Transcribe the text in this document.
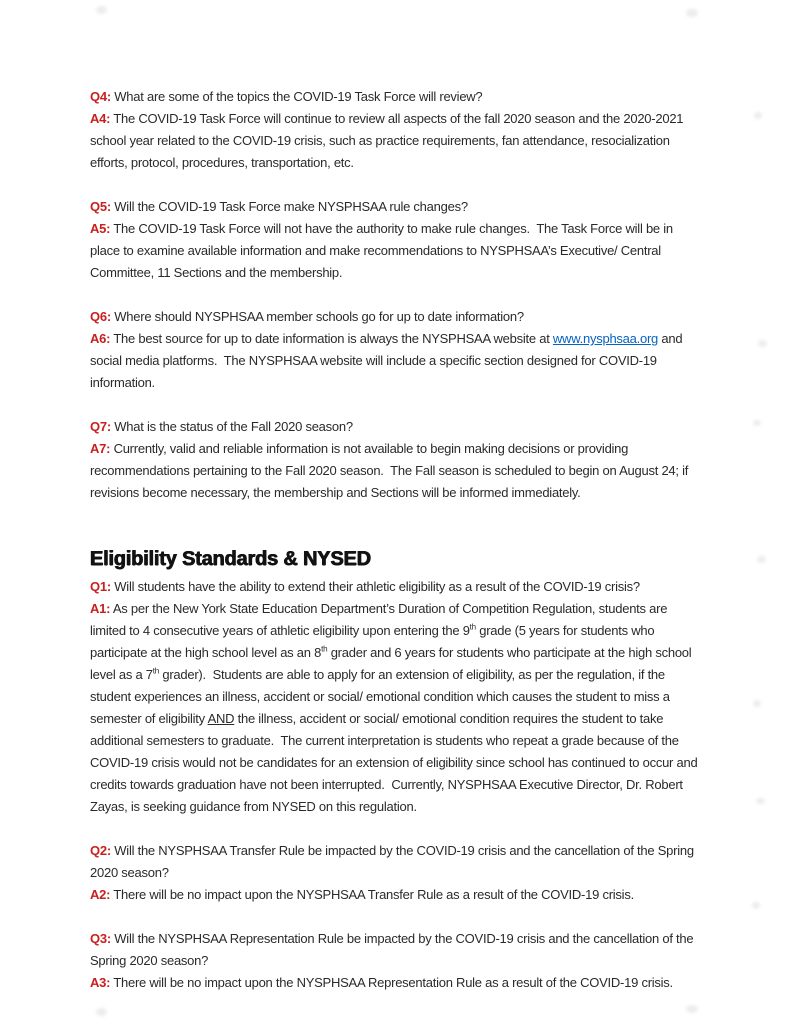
Q4: What are some of the topics the COVID-19 Task Force will review?

A4: The COVID-19 Task Force will continue to review all aspects of the fall 2020 season and the 2020-2021 school year related to the COVID-19 crisis, such as practice requirements, fan attendance, resocialization efforts, protocol, procedures, transportation, etc.

Q5: Will the COVID-19 Task Force make NYSPHSAA rule changes?

A5: The COVID-19 Task Force will not have the authority to make rule changes.  The Task Force will be in place to examine available information and make recommendations to NYSPHSAA’s Executive/ Central Committee, 11 Sections and the membership.

Q6: Where should NYSPHSAA member schools go for up to date information?

A6: The best source for up to date information is always the NYSPHSAA website at www.nysphsaa.org and social media platforms.  The NYSPHSAA website will include a specific section designed for COVID-19 information.

Q7: What is the status of the Fall 2020 season?

A7: Currently, valid and reliable information is not available to begin making decisions or providing recommendations pertaining to the Fall 2020 season.  The Fall season is scheduled to begin on August 24; if revisions become necessary, the membership and Sections will be informed immediately.

Eligibility Standards & NYSED

Q1: Will students have the ability to extend their athletic eligibility as a result of the COVID-19 crisis?

A1: As per the New York State Education Department’s Duration of Competition Regulation, students are limited to 4 consecutive years of athletic eligibility upon entering the 9th grade (5 years for students who participate at the high school level as an 8th grader and 6 years for students who participate at the high school level as a 7th grader).  Students are able to apply for an extension of eligibility, as per the regulation, if the student experiences an illness, accident or social/ emotional condition which causes the student to miss a semester of eligibility AND the illness, accident or social/ emotional condition requires the student to take additional semesters to graduate.  The current interpretation is students who repeat a grade because of the COVID-19 crisis would not be candidates for an extension of eligibility since school has continued to occur and credits towards graduation have not been interrupted.  Currently, NYSPHSAA Executive Director, Dr. Robert Zayas, is seeking guidance from NYSED on this regulation.

Q2: Will the NYSPHSAA Transfer Rule be impacted by the COVID-19 crisis and the cancellation of the Spring 2020 season?

A2: There will be no impact upon the NYSPHSAA Transfer Rule as a result of the COVID-19 crisis.

Q3: Will the NYSPHSAA Representation Rule be impacted by the COVID-19 crisis and the cancellation of the Spring 2020 season?

A3: There will be no impact upon the NYSPHSAA Representation Rule as a result of the COVID-19 crisis.
